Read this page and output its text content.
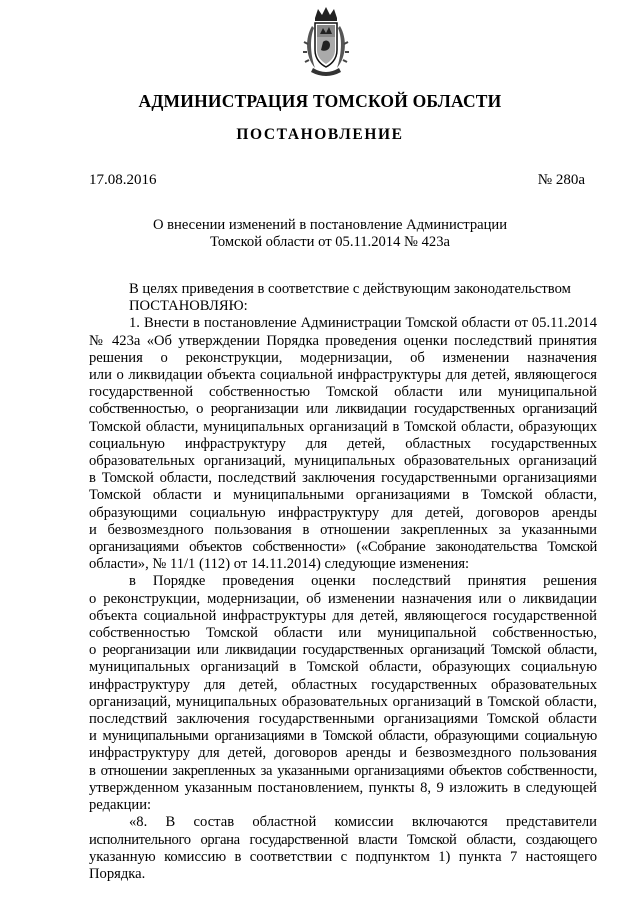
АДМИНИСТРАЦИЯ ТОМСКОЙ ОБЛАСТИ
ПОСТАНОВЛЕНИЕ
17.08.2016	№ 280а
О внесении изменений в постановление Администрации
Томской области от 05.11.2014 № 423а

В целях приведения в соответствие с действующим законодательством

ПОСТАНОВЛЯЮ:

1. Внести в постановление Администрации Томской области от 05.11.2014

№ 423а «Об утверждении Порядка проведения оценки последствий принятия

решения о реконструкции, модернизации, об изменении назначения

или о ликвидации объекта социальной инфраструктуры для детей, являющегося

государственной собственностью Томской области или муниципальной

собственностью, о реорганизации или ликвидации государственных организаций

Томской области, муниципальных организаций в Томской области, образующих

социальную инфраструктуру для детей, областных государственных

образовательных организаций, муниципальных образовательных организаций

в Томской области, последствий заключения государственными организациями

Томской области и муниципальными организациями в Томской области,

образующими социальную инфраструктуру для детей, договоров аренды

и безвозмездного пользования в отношении закрепленных за указанными

организациями объектов собственности» («Собрание законодательства Томской

области», № 11/1 (112) от 14.11.2014) следующие изменения:

в Порядке проведения оценки последствий принятия решения

о реконструкции, модернизации, об изменении назначения или о ликвидации

объекта социальной инфраструктуры для детей, являющегося государственной

собственностью Томской области или муниципальной собственностью,

о реорганизации или ликвидации государственных организаций Томской области,

муниципальных организаций в Томской области, образующих социальную

инфраструктуру для детей, областных государственных образовательных

организаций, муниципальных образовательных организаций в Томской области,

последствий заключения государственными организациями Томской области

и муниципальными организациями в Томской области, образующими социальную

инфраструктуру для детей, договоров аренды и безвозмездного пользования

в отношении закрепленных за указанными организациями объектов собственности,

утвержденном указанным постановлением, пункты 8, 9 изложить в следующей

редакции:

«8. В состав областной комиссии включаются представители

исполнительного органа государственной власти Томской области, создающего

указанную комиссию в соответствии с подпунктом 1) пункта 7 настоящего

Порядка.
